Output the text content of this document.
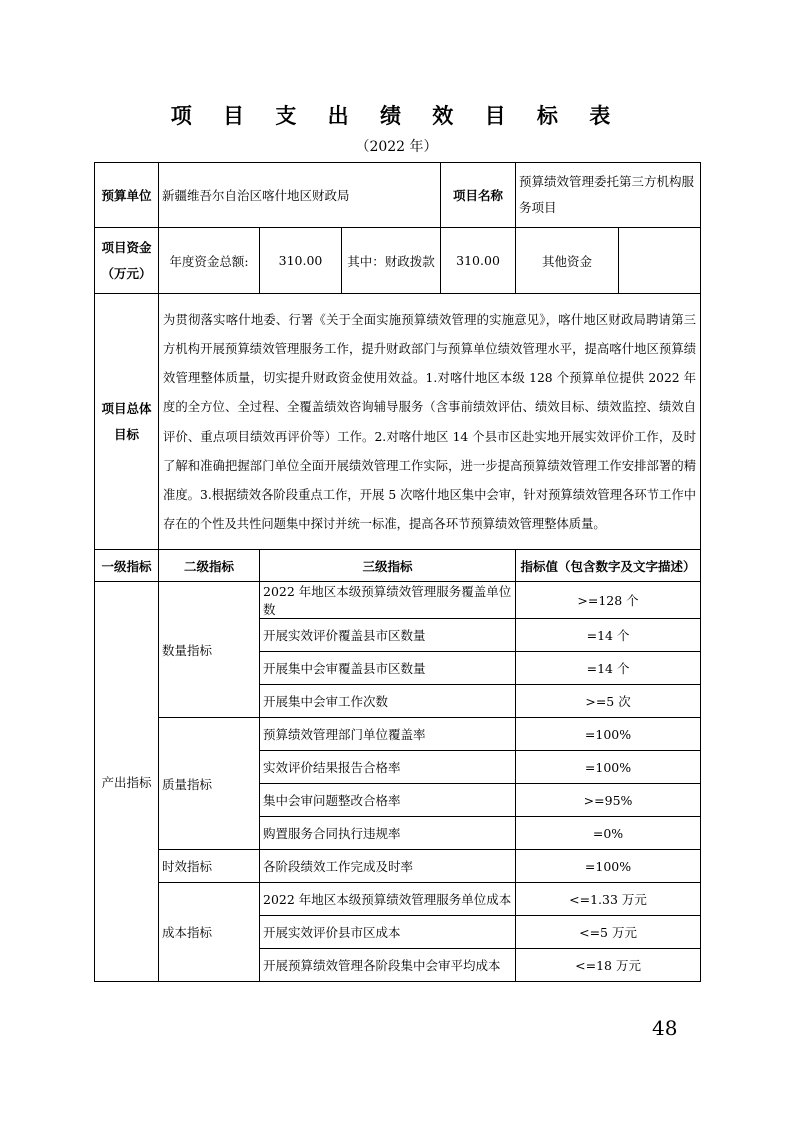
项 目 支 出 绩 效 目 标 表
（2022 年）
预算单位	新疆维吾尔自治区喀什地区财政局			项目名称	预算绩效管理委托第三方机构服务项目	
项目资金（万元）	年度资金总额:	310.00	其中：财政拨款	310.00	其他资金	
项目总体目标	为贯彻落实喀什地委、行署《关于全面实施预算绩效管理的实施意见》，喀什地区财政局聘请第三方机构开展预算绩效管理服务工作，提升财政部门与预算单位绩效管理水平，提高喀什地区预算绩效管理整体质量，切实提升财政资金使用效益。1.对喀什地区本级 128 个预算单位提供 2022 年度的全方位、全过程、全覆盖绩效咨询辅导服务（含事前绩效评估、绩效目标、绩效监控、绩效自评价、重点项目绩效再评价等）工作。2.对喀什地区 14 个县市区赴实地开展实效评价工作，及时了解和准确把握部门单位全面开展绩效管理工作实际，进一步提高预算绩效管理工作安排部署的精准度。3.根据绩效各阶段重点工作，开展 5 次喀什地区集中会审，针对预算绩效管理各环节工作中存在的个性及共性问题集中探讨并统一标准，提高各环节预算绩效管理整体质量。					
一级指标	二级指标	三级指标			指标值（包含数字及文字描述）	
产出指标	数量指标	2022 年地区本级预算绩效管理服务覆盖单位数			>=128 个	
		开展实效评价覆盖县市区数量			=14 个	
		开展集中会审覆盖县市区数量			=14 个	
		开展集中会审工作次数			>=5 次	
	质量指标	预算绩效管理部门单位覆盖率			=100%	
		实效评价结果报告合格率			=100%	
		集中会审问题整改合格率			>=95%	
		购置服务合同执行违规率			=0%	
	时效指标	各阶段绩效工作完成及时率			=100%	
	成本指标	2022 年地区本级预算绩效管理服务单位成本			<=1.33 万元	
		开展实效评价县市区成本			<=5 万元	
		开展预算绩效管理各阶段集中会审平均成本			<=18 万元	
48
